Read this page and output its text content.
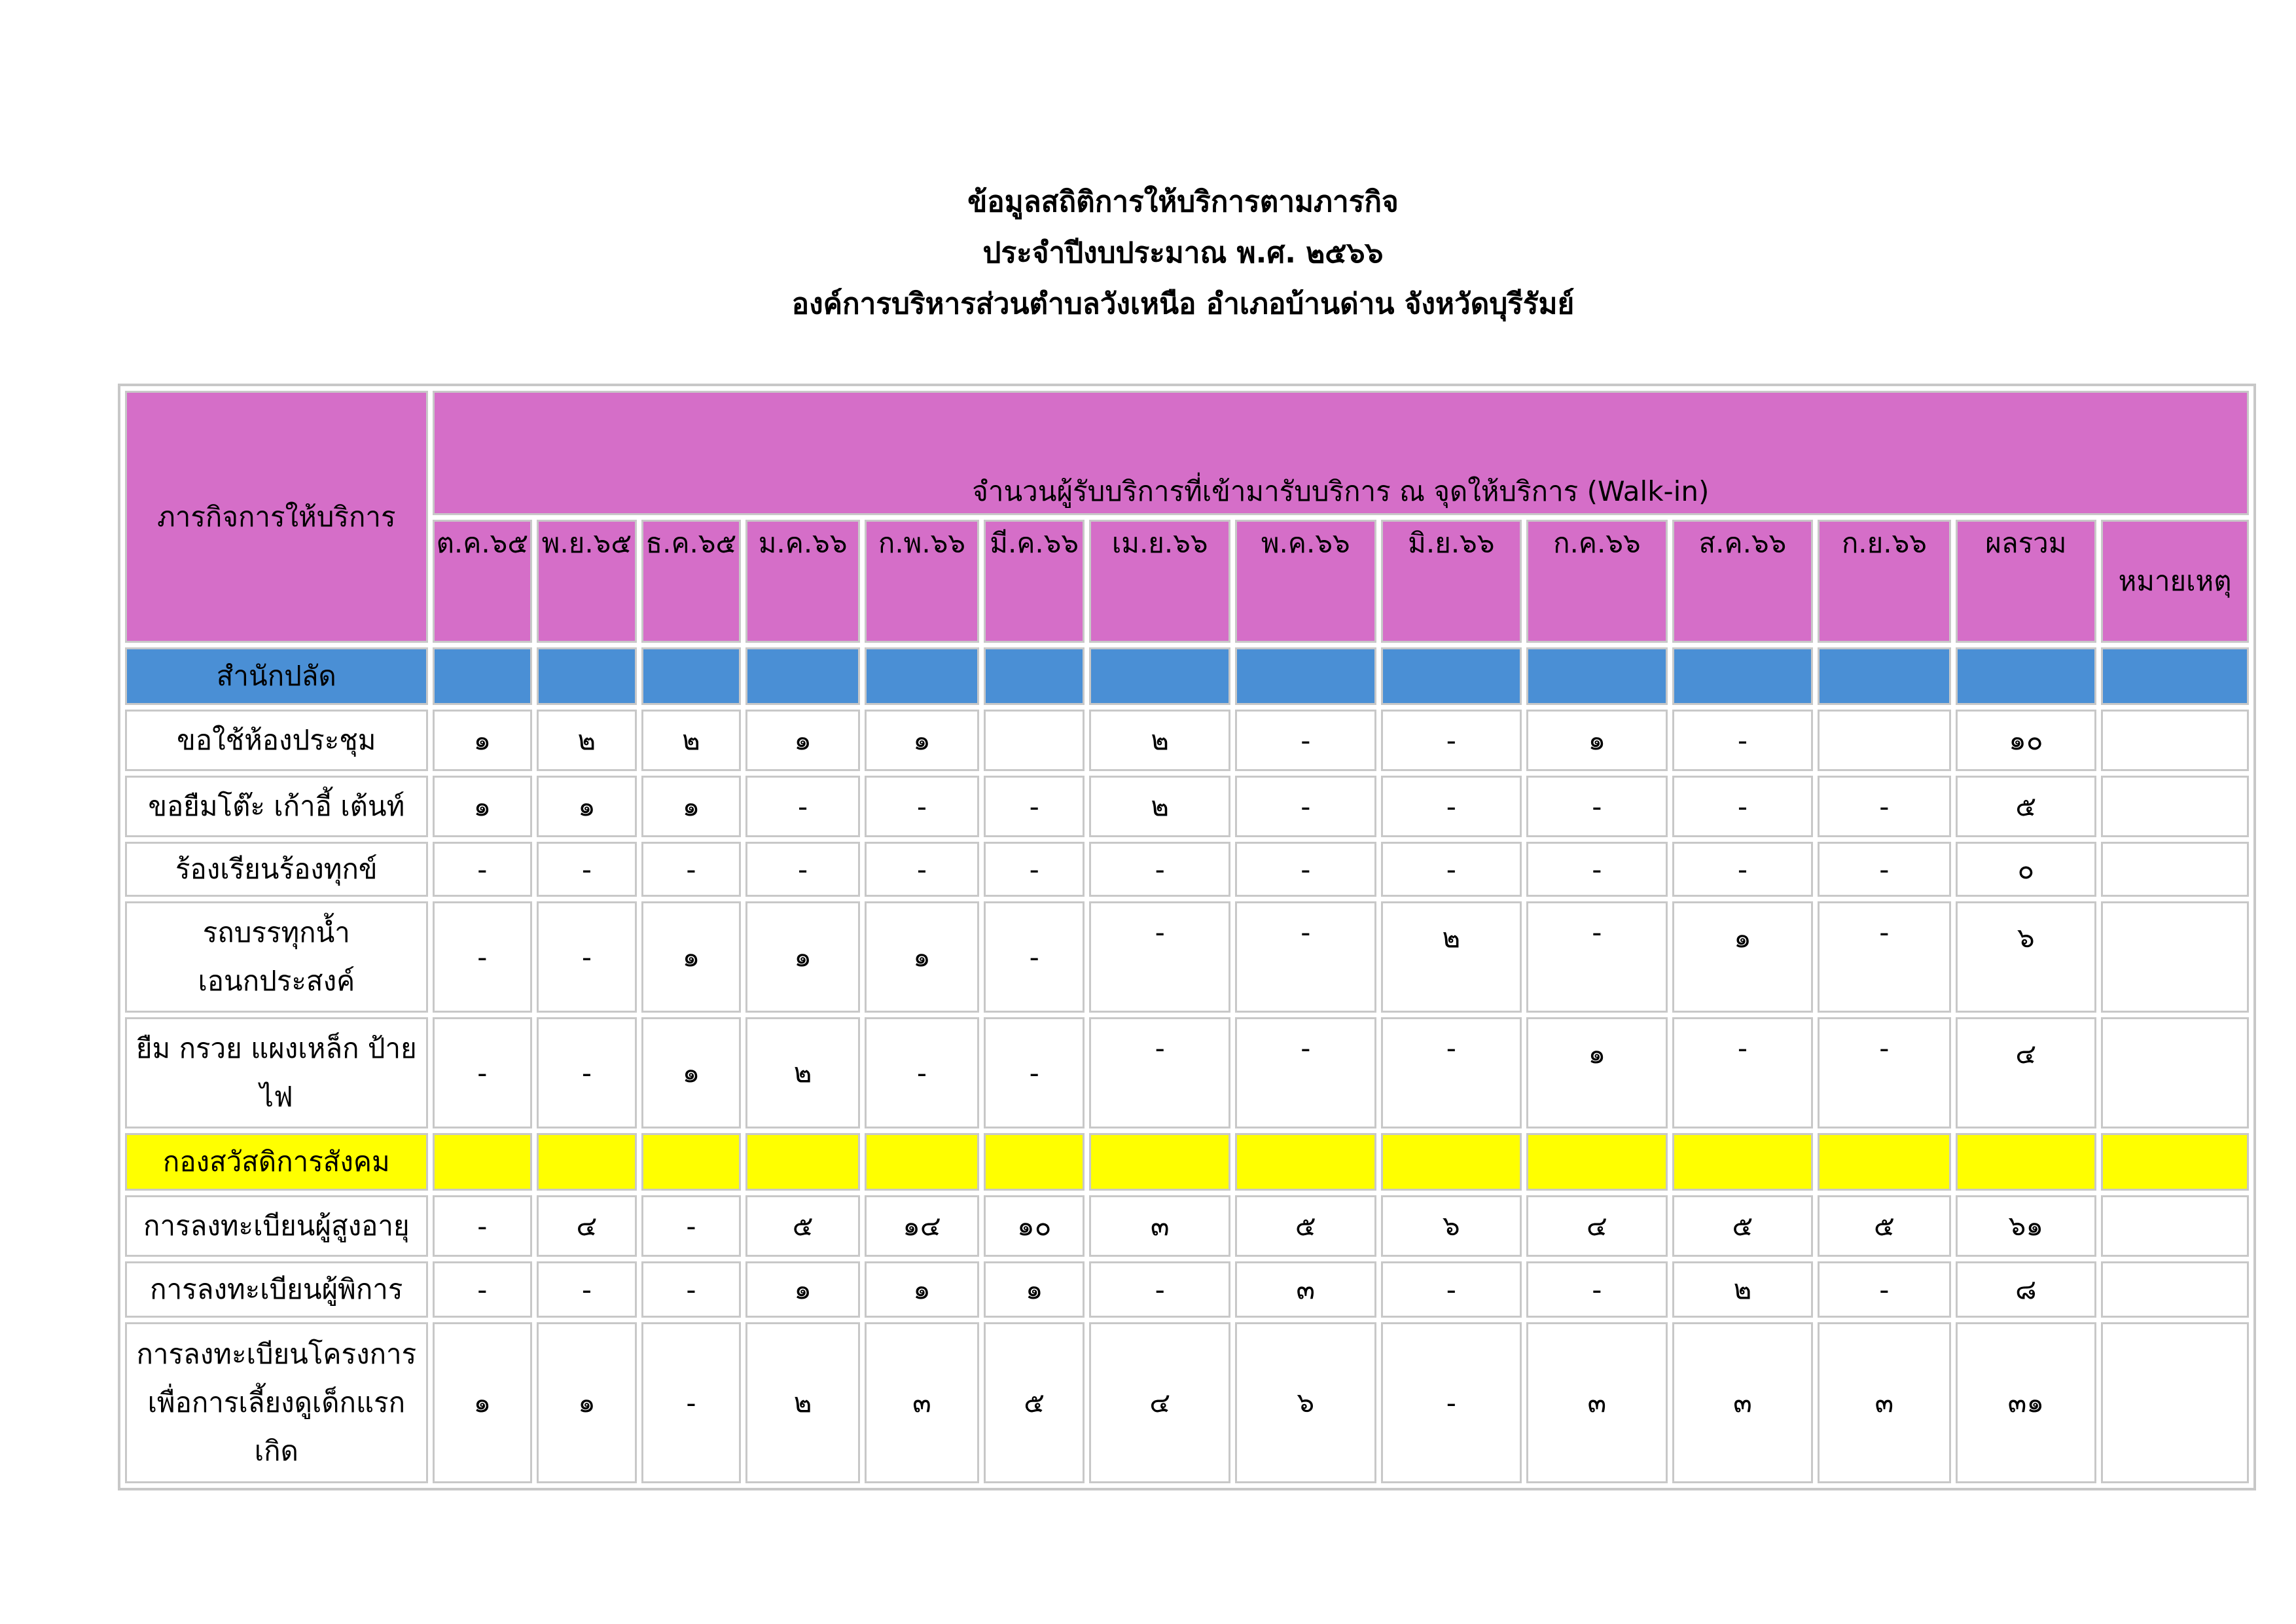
ข้อมูลสถิติการให้บริการตามภารกิจ
ประจำปีงบประมาณ พ.ศ. ๒๕๖๖
องค์การบริหารส่วนตำบลวังเหนือ อำเภอบ้านด่าน จังหวัดบุรีรัมย์
ภารกิจการให้บริการ	จำนวนผู้รับบริการที่เข้ามารับบริการ ณ จุดให้บริการ (Walk-in)													
	ต.ค.๖๕	พ.ย.๖๕	ธ.ค.๖๕	ม.ค.๖๖	ก.พ.๖๖	มี.ค.๖๖	เม.ย.๖๖	พ.ค.๖๖	มิ.ย.๖๖	ก.ค.๖๖	ส.ค.๖๖	ก.ย.๖๖	ผลรวม	หมายเหตุ
สำนักปลัด														
ขอใช้ห้องประชุม	๑	๒	๒	๑	๑		๒	-	-	๑	-		๑๐	
ขอยืมโต๊ะ เก้าอี้ เต้นท์	๑	๑	๑	-	-	-	๒	-	-	-	-	-	๕	
ร้องเรียนร้องทุกข์	-	-	-	-	-	-	-	-	-	-	-	-	๐	
รถบรรทุกน้ำ
เอนกประสงค์	-	-	๑	๑	๑	-	-	-	๒	-	๑	-	๖	
ยืม กรวย แผงเหล็ก ป้าย
ไฟ	-	-	๑	๒	-	-	-	-	-	๑	-	-	๔	
กองสวัสดิการสังคม														
การลงทะเบียนผู้สูงอายุ	-	๔	-	๕	๑๔	๑๐	๓	๕	๖	๔	๕	๕	๖๑	
การลงทะเบียนผู้พิการ	-	-	-	๑	๑	๑	-	๓	-	-	๒	-	๘	
การลงทะเบียนโครงการ
เพื่อการเลี้ยงดูเด็กแรก
เกิด	๑	๑	-	๒	๓	๕	๔	๖	-	๓	๓	๓	๓๑	
